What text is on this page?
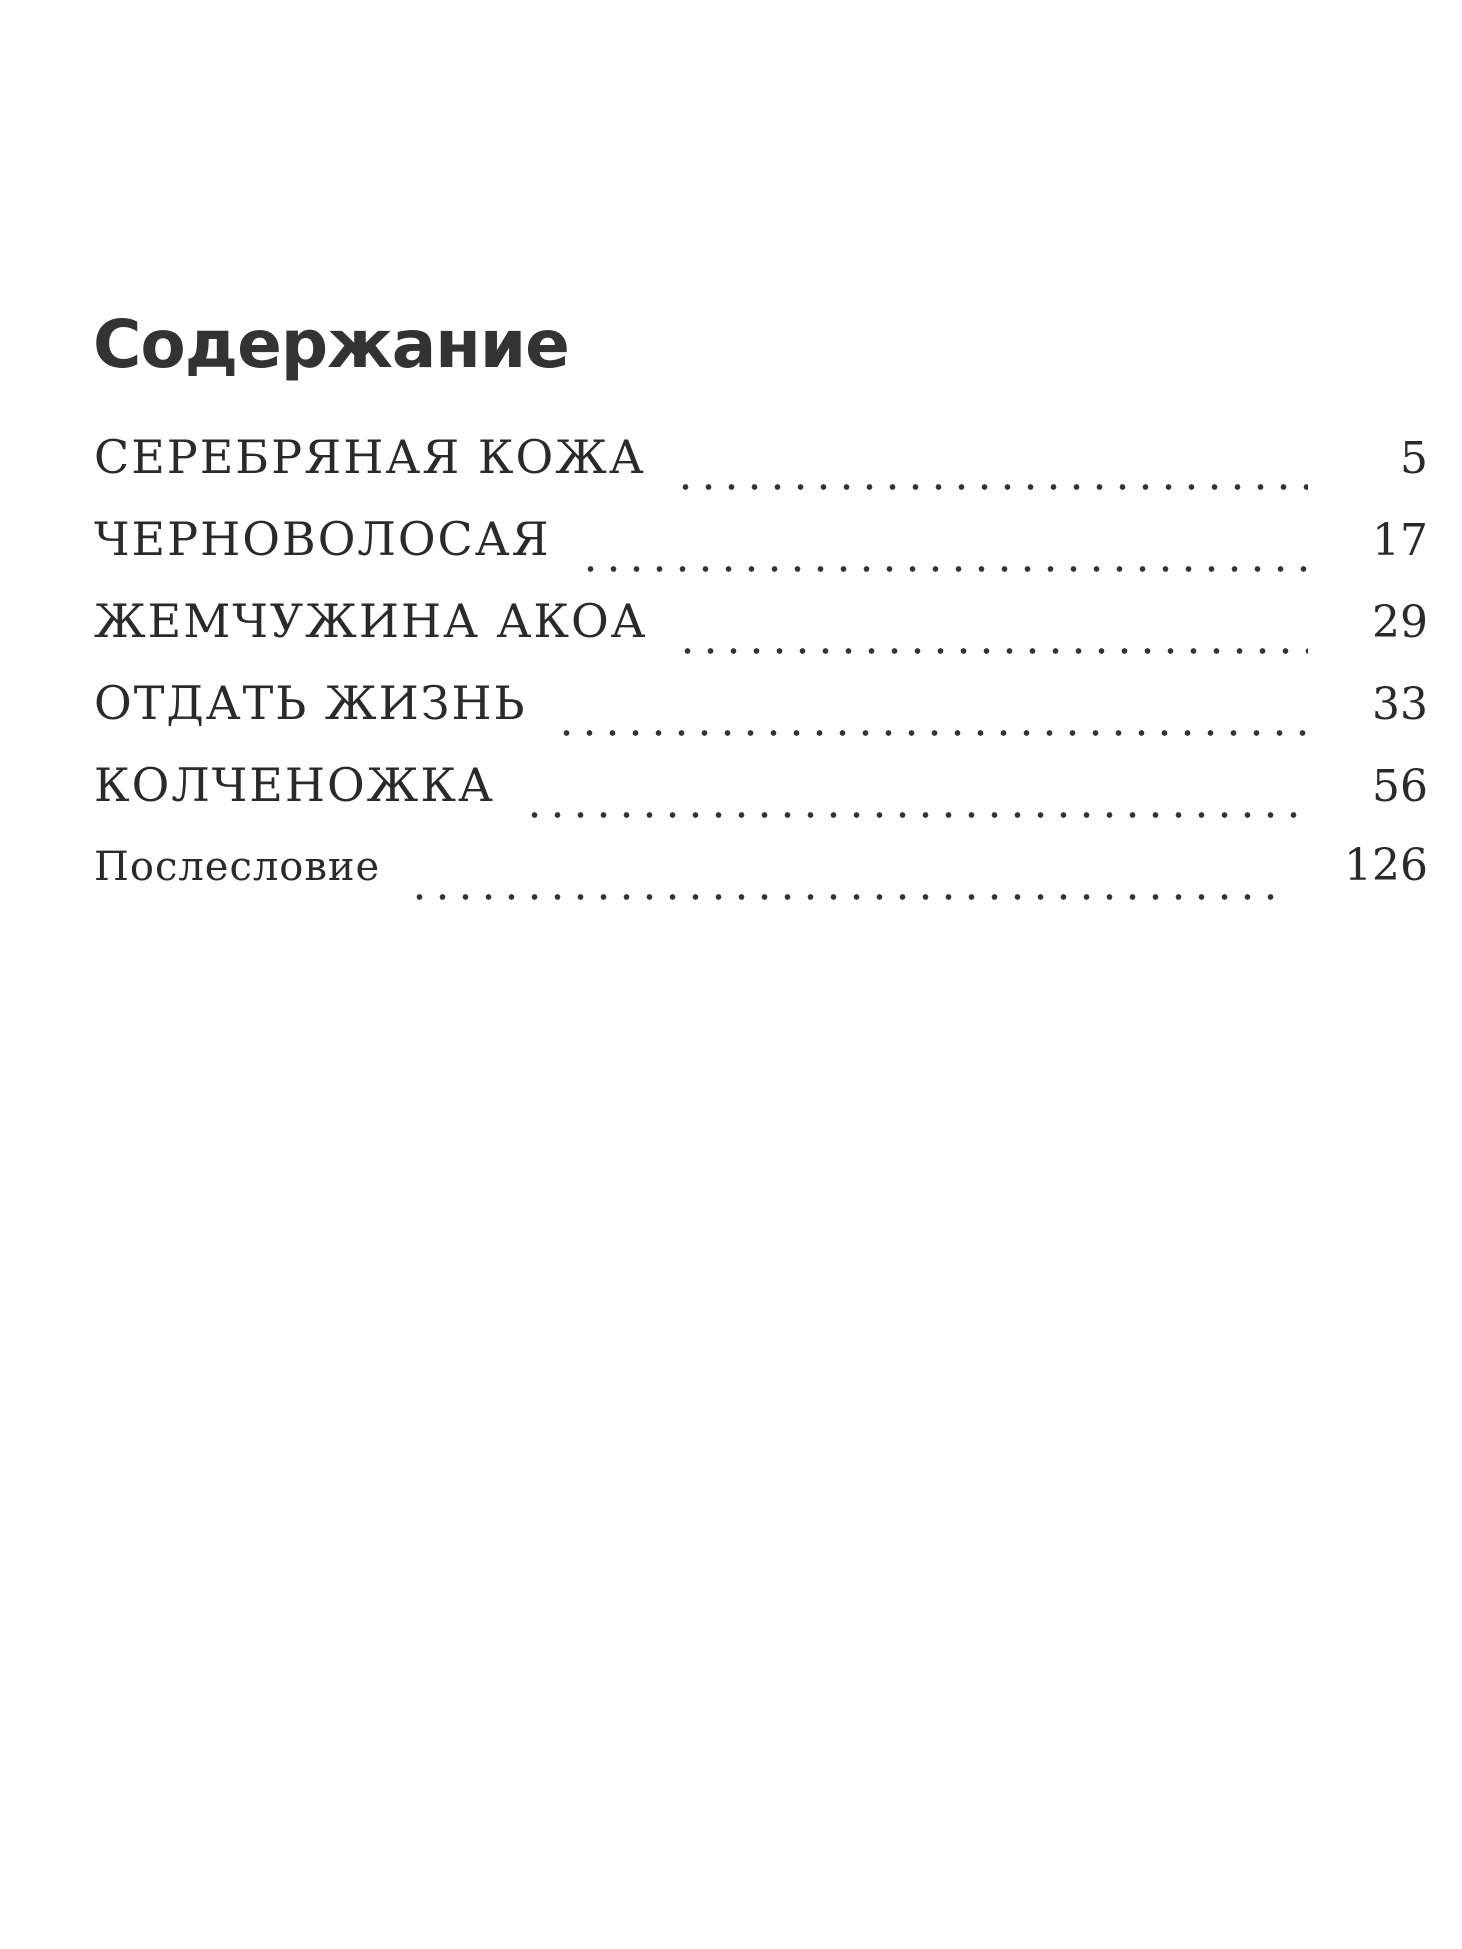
Содержание
СЕРЕБРЯНАЯ КОЖА	5
ЧЕРНОВОЛОСАЯ	17
ЖЕМЧУЖИНА АКОА	29
ОТДАТЬ ЖИЗНЬ	33
КОЛЧЕНОЖКА	56
Послесловие	126
